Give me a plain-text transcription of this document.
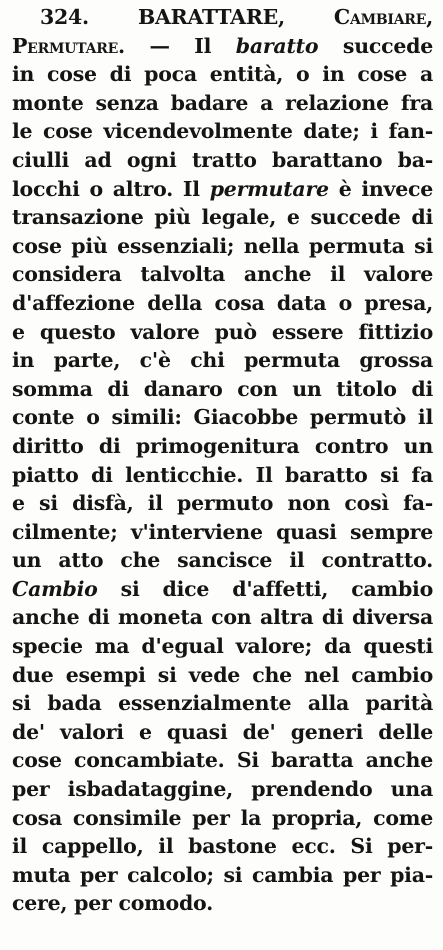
324. BARATTARE, Cambiare,
Permutare. — Il baratto succede
in cose di poca entità, o in cose a
monte senza badare a relazione fra
le cose vicendevolmente date; i fan-
ciulli ad ogni tratto barattano ba-
locchi o altro. Il permutare è invece
transazione più legale, e succede di
cose più essenziali; nella permuta si
considera talvolta anche il valore
d'affezione della cosa data o presa,
e questo valore può essere fittizio
in parte, c'è chi permuta grossa
somma di danaro con un titolo di
conte o simili: Giacobbe permutò il
diritto di primogenitura contro un
piatto di lenticchie. Il baratto si fa
e si disfà, il permuto non così fa-
cilmente; v'interviene quasi sempre
un atto che sancisce il contratto.
Cambio si dice d'affetti, cambio
anche di moneta con altra di diversa
specie ma d'egual valore; da questi
due esempi si vede che nel cambio
si bada essenzialmente alla parità
de' valori e quasi de' generi delle
cose concambiate. Si baratta anche
per isbadataggine, prendendo una
cosa consimile per la propria, come
il cappello, il bastone ecc. Si per-
muta per calcolo; si cambia per pia-
cere, per comodo.
